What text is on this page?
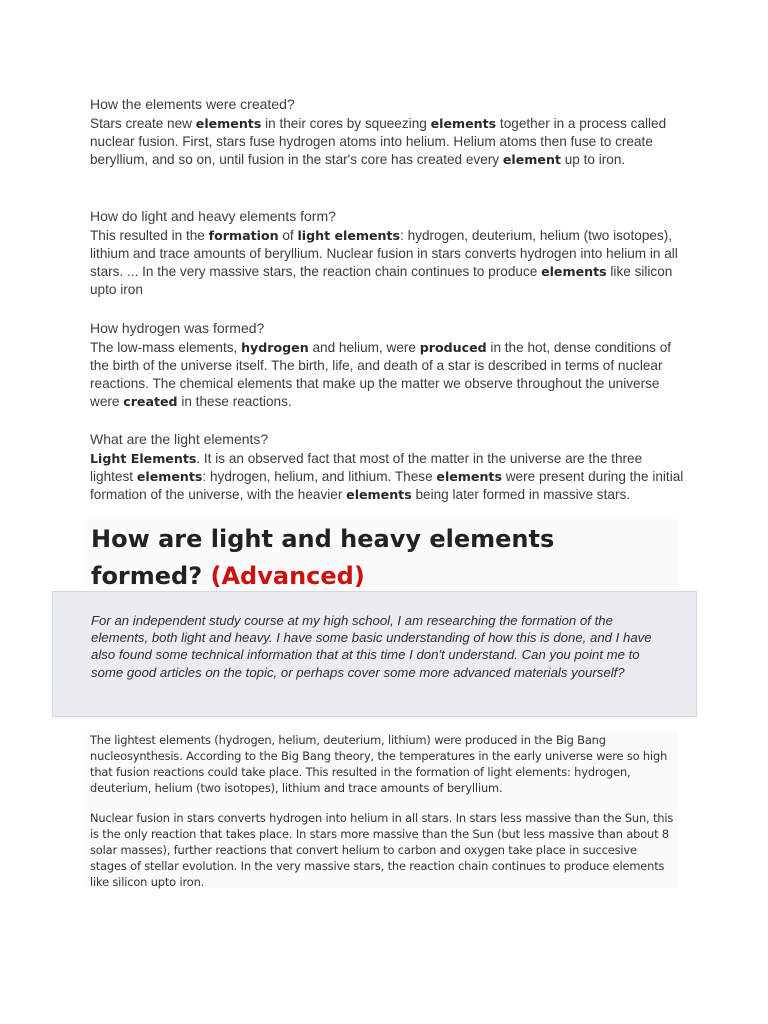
How the elements were created?

Stars create new elements in their cores by squeezing elements together in a process called nuclear fusion. First, stars fuse hydrogen atoms into helium. Helium atoms then fuse to create beryllium, and so on, until fusion in the star's core has created every element up to iron.

How do light and heavy elements form?

This resulted in the formation of light elements: hydrogen, deuterium, helium (two isotopes), lithium and trace amounts of beryllium. Nuclear fusion in stars converts hydrogen into helium in all stars. ... In the very massive stars, the reaction chain continues to produce elements like silicon upto iron

How hydrogen was formed?

The low-mass elements, hydrogen and helium, were produced in the hot, dense conditions of the birth of the universe itself. The birth, life, and death of a star is described in terms of nuclear reactions. The chemical elements that make up the matter we observe throughout the universe were created in these reactions.

What are the light elements?

Light Elements. It is an observed fact that most of the matter in the universe are the three lightest elements: hydrogen, helium, and lithium. These elements were present during the initial formation of the universe, with the heavier elements being later formed in massive stars.

How are light and heavy elements formed? (Advanced)

For an independent study course at my high school, I am researching the formation of the elements, both light and heavy. I have some basic understanding of how this is done, and I have also found some technical information that at this time I don't understand. Can you point me to some good articles on the topic, or perhaps cover some more advanced materials yourself?

The lightest elements (hydrogen, helium, deuterium, lithium) were produced in the Big Bang nucleosynthesis. According to the Big Bang theory, the temperatures in the early universe were so high that fusion reactions could take place. This resulted in the formation of light elements: hydrogen, deuterium, helium (two isotopes), lithium and trace amounts of beryllium.

Nuclear fusion in stars converts hydrogen into helium in all stars. In stars less massive than the Sun, this is the only reaction that takes place. In stars more massive than the Sun (but less massive than about 8 solar masses), further reactions that convert helium to carbon and oxygen take place in succesive stages of stellar evolution. In the very massive stars, the reaction chain continues to produce elements like silicon upto iron.
